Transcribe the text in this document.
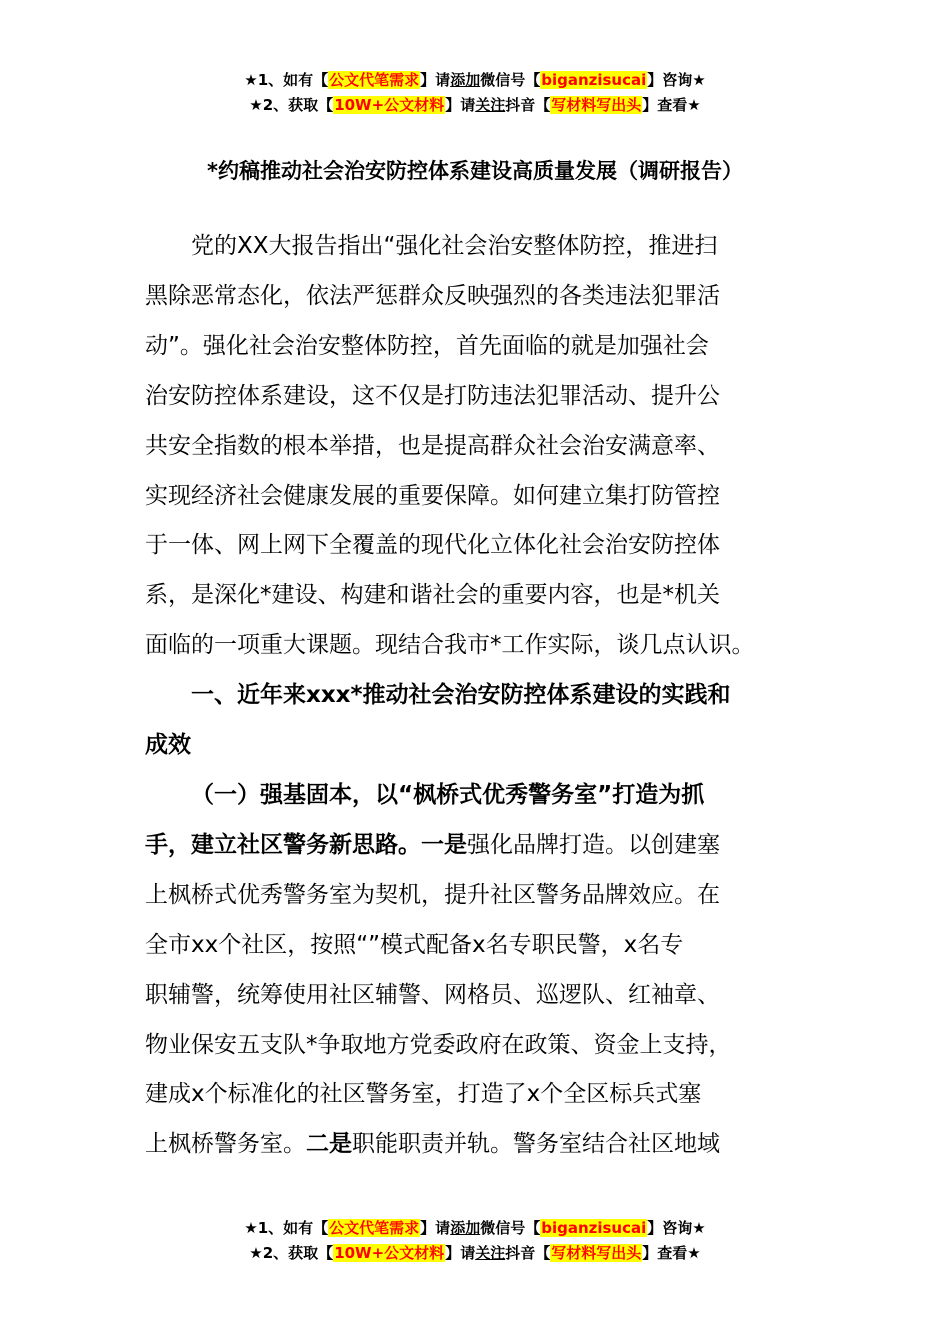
★1、如有【公文代笔需求】请添加微信号【biganzisucai】咨询★
★2、获取【10W+公文材料】请关注抖音【写材料写出头】查看★
*约稿推动社会治安防控体系建设高质量发展（调研报告）
党的XX大报告指出“强化社会治安整体防控，推进扫
黑除恶常态化，依法严惩群众反映强烈的各类违法犯罪活
动”。强化社会治安整体防控，首先面临的就是加强社会
治安防控体系建设，这不仅是打防违法犯罪活动、提升公
共安全指数的根本举措，也是提高群众社会治安满意率、
实现经济社会健康发展的重要保障。如何建立集打防管控
于一体、网上网下全覆盖的现代化立体化社会治安防控体
系，是深化*建设、构建和谐社会的重要内容，也是*机关
面临的一项重大课题。现结合我市*工作实际，谈几点认识。
一、近年来xxx*推动社会治安防控体系建设的实践和
成效
（一）强基固本，以“枫桥式优秀警务室”打造为抓
手，建立社区警务新思路。一是强化品牌打造。以创建塞
上枫桥式优秀警务室为契机，提升社区警务品牌效应。在
全市xx个社区，按照“”模式配备x名专职民警，x名专
职辅警，统筹使用社区辅警、网格员、巡逻队、红袖章、
物业保安五支队*争取地方党委政府在政策、资金上支持，
建成x个标准化的社区警务室，打造了x个全区标兵式塞
上枫桥警务室。二是职能职责并轨。警务室结合社区地域
★1、如有【公文代笔需求】请添加微信号【biganzisucai】咨询★
★2、获取【10W+公文材料】请关注抖音【写材料写出头】查看★
